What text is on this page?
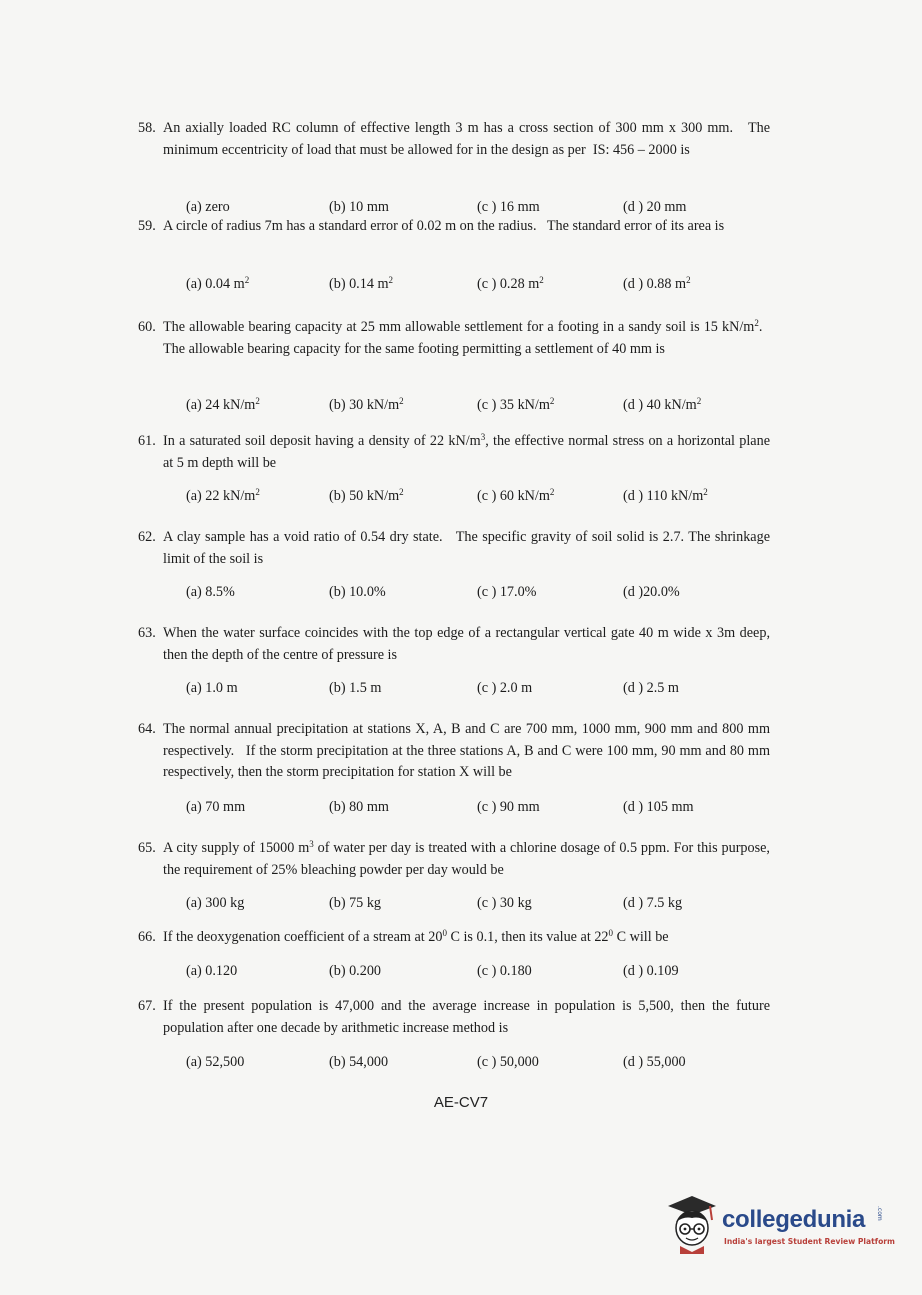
58. An axially loaded RC column of effective length 3 m has a cross section of 300 mm x 300 mm.   The minimum eccentricity of load that must be allowed for in the design as per  IS: 456 – 2000 is
(a) zero	(b) 10 mm	(c ) 16 mm	(d ) 20 mm
59. A circle of radius 7m has a standard error of 0.02 m on the radius.   The standard error of its area is
(a) 0.04 $m^2$	(b) 0.14 $m^2$	(c ) 0.28 $m^2$	(d ) 0.88 $m^2$
60. The allowable bearing capacity at 25 mm allowable settlement for a footing in a sandy soil is 15 $kN/m^2$.   The allowable bearing capacity for the same footing permitting a settlement of 40 mm is
(a) 24 $kN/m^2$	(b) 30 $kN/m^2$	(c ) 35 $kN/m^2$	(d ) 40 $kN/m^2$
61. In a saturated soil deposit having a density of 22 $kN/m^3$, the effective normal stress on a horizontal plane at 5 m depth will be
(a) 22 $kN/m^2$	(b) 50 $kN/m^2$	(c ) 60 $kN/m^2$	(d ) 110 $kN/m^2$
62. A clay sample has a void ratio of 0.54 dry state.   The specific gravity of soil solid is 2.7. The shrinkage limit of the soil is
(a) 8.5%	(b) 10.0%	(c ) 17.0%	(d )20.0%
63. When the water surface coincides with the top edge of a rectangular vertical gate 40 m wide x 3m deep, then the depth of the centre of pressure is
(a) 1.0 m	(b) 1.5 m	(c ) 2.0 m	(d ) 2.5 m
64. The normal annual precipitation at stations X, A, B and C are 700 mm, 1000 mm, 900 mm and 800 mm respectively.   If the storm precipitation at the three stations A, B and C were 100 mm, 90 mm and 80 mm respectively, then the storm precipitation for station X will be
(a) 70 mm	(b) 80 mm	(c ) 90 mm	(d ) 105 mm
65. A city supply of 15000 $m^3$ of water per day is treated with a chlorine dosage of 0.5 ppm. For this purpose, the requirement of 25% bleaching powder per day would be
(a) 300 kg	(b) 75 kg	(c ) 30 kg	(d ) 7.5 kg
66. If the deoxygenation coefficient of a stream at $20^0$ C is 0.1, then its value at $22^0$ C will be
(a) 0.120	(b) 0.200	(c ) 0.180	(d ) 0.109
67. If the present population is 47,000 and the average increase in population is 5,500, then the future population after one decade by arithmetic increase method is
(a) 52,500	(b) 54,000	(c ) 50,000	(d ) 55,000
AE-CV7
collegedunia .com
India's largest Student Review Platform
